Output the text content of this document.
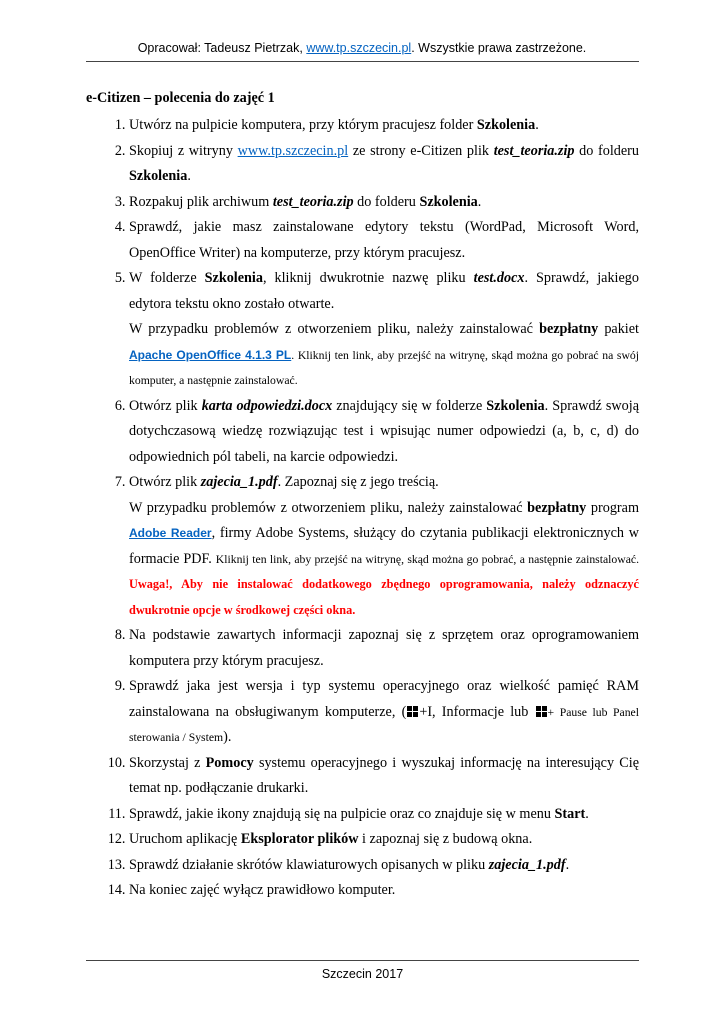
Opracował: Tadeusz Pietrzak, www.tp.szczecin.pl. Wszystkie prawa zastrzeżone.
e-Citizen – polecenia do zajęć 1
1. Utwórz na pulpicie komputera, przy którym pracujesz folder Szkolenia.
2. Skopiuj z witryny www.tp.szczecin.pl ze strony e-Citizen plik test_teoria.zip do folderu Szkolenia.
3. Rozpakuj plik archiwum test_teoria.zip do folderu Szkolenia.
4. Sprawdź, jakie masz zainstalowane edytory tekstu (WordPad, Microsoft Word, OpenOffice Writer) na komputerze, przy którym pracujesz.
5. W folderze Szkolenia, kliknij dwukrotnie nazwę pliku test.docx. Sprawdź, jakiego edytora tekstu okno zostało otwarte.

W przypadku problemów z otworzeniem pliku, należy zainstalować bezpłatny pakiet Apache OpenOffice 4.1.3 PL. Kliknij ten link, aby przejść na witrynę, skąd można go pobrać na swój komputer, a następnie zainstalować.

6. Otwórz plik karta odpowiedzi.docx znajdujący się w folderze Szkolenia. Sprawdź swoją dotychczasową wiedzę rozwiązując test i wpisując numer odpowiedzi (a, b, c, d) do odpowiednich pól tabeli, na karcie odpowiedzi.
7. Otwórz plik zajecia_1.pdf. Zapoznaj się z jego treścią.

W przypadku problemów z otworzeniem pliku, należy zainstalować bezpłatny program Adobe Reader, firmy Adobe Systems, służący do czytania publikacji elektronicznych w formacie PDF. Kliknij ten link, aby przejść na witrynę, skąd można go pobrać, a następnie zainstalować. Uwaga!, Aby nie instalować dodatkowego zbędnego oprogramowania, należy odznaczyć dwukrotnie opcje w środkowej części okna.

8. Na podstawie zawartych informacji zapoznaj się z sprzętem oraz oprogramowaniem komputera przy którym pracujesz.
9. Sprawdź jaka jest wersja i typ systemu operacyjnego oraz wielkość pamięć RAM zainstalowana na obsługiwanym komputerze, ( +I, Informacje lub
+ Pause lub Panel sterowania / System).
10. Skorzystaj z Pomocy systemu operacyjnego i wyszukaj informację na interesujący Cię temat np. podłączanie drukarki.
11. Sprawdź, jakie ikony znajdują się na pulpicie oraz co znajduje się w menu Start.
12. Uruchom aplikację Eksplorator plików i zapoznaj się z budową okna.
13. Sprawdź działanie skrótów klawiaturowych opisanych w pliku zajecia_1.pdf.
14. Na koniec zajęć wyłącz prawidłowo komputer.
Szczecin 2017
